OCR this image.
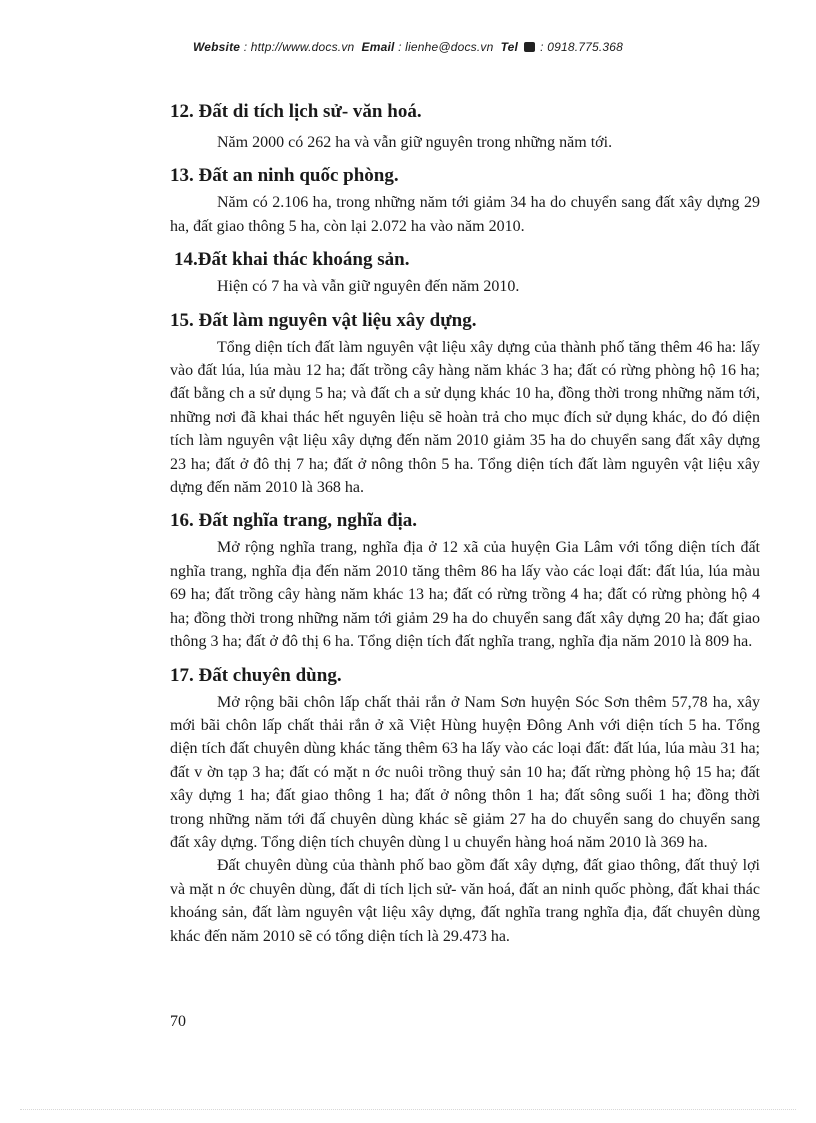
Website : http://www.docs.vn Email : lienhe@docs.vn Tel : 0918.775.368
12. Đất di tích lịch sử- văn hoá.

Năm 2000 có 262 ha và vẫn giữ nguyên trong những năm tới.

13. Đất an ninh quốc phòng.

Năm có 2.106 ha, trong những năm tới giảm 34 ha do chuyển sang đất xây dựng 29 ha, đất giao thông 5 ha, còn lại 2.072 ha vào năm 2010.

14.Đất khai thác khoáng sản.

Hiện có 7 ha và vẫn giữ nguyên đến năm 2010.

15. Đất làm nguyên vật liệu xây dựng.

Tổng diện tích đất làm nguyên vật liệu xây dựng của thành phố tăng thêm 46 ha: lấy vào đất lúa, lúa màu 12 ha; đất trồng cây hàng năm khác 3 ha; đất có rừng phòng hộ 16 ha; đất bằng ch a sử dụng 5 ha; và đất ch a sử dụng khác 10 ha, đồng thời trong những năm tới, những nơi đã khai thác hết nguyên liệu sẽ hoàn trả cho mục đích sử dụng khác, do đó diện tích làm nguyên vật liệu xây dựng đến năm 2010 giảm 35 ha do chuyển sang đất xây dựng 23 ha; đất ở đô thị 7 ha; đất ở nông thôn 5 ha. Tổng diện tích đất làm nguyên vật liệu xây dựng đến năm 2010 là 368 ha.

16. Đất nghĩa trang, nghĩa địa.

Mở rộng nghĩa trang, nghĩa địa ở 12 xã của huyện Gia Lâm với tổng diện tích đất nghĩa trang, nghĩa địa đến năm 2010 tăng thêm 86 ha lấy vào các loại đất: đất lúa, lúa màu 69 ha; đất trồng cây hàng năm khác 13 ha; đất có rừng trồng 4 ha; đất có rừng phòng hộ 4 ha; đồng thời trong những năm tới giảm 29 ha do chuyển sang đất xây dựng 20 ha; đất giao thông 3 ha; đất ở đô thị 6 ha. Tổng diện tích đất nghĩa trang, nghĩa địa năm 2010 là 809 ha.

17. Đất chuyên dùng.

Mở rộng bãi chôn lấp chất thải rắn ở Nam Sơn huyện Sóc Sơn thêm 57,78 ha, xây mới bãi chôn lấp chất thải rắn ở xã Việt Hùng huyện Đông Anh với diện tích 5 ha. Tổng diện tích đất chuyên dùng khác tăng thêm 63 ha lấy vào các loại đất: đất lúa, lúa màu 31 ha; đất v ờn tạp 3 ha; đất có mặt n ớc nuôi trồng thuỷ sản 10 ha; đất rừng phòng hộ 15 ha; đất xây dựng 1 ha; đất giao thông 1 ha; đất ở nông thôn 1 ha; đất sông suối 1 ha; đồng thời trong những năm tới đấ chuyên dùng khác sẽ giảm 27 ha do chuyển sang do chuyển sang đất xây dựng. Tổng diện tích chuyên dùng l u chuyển hàng hoá năm 2010 là 369 ha.

Đất chuyên dùng của thành phố bao gồm đất xây dựng, đất giao thông, đất thuỷ lợi và mặt n ớc chuyên dùng, đất di tích lịch sử- văn hoá, đất an ninh quốc phòng, đất khai thác khoáng sản, đất làm nguyên vật liệu xây dựng, đất nghĩa trang nghĩa địa, đất chuyên dùng khác đến năm 2010 sẽ có tổng diện tích là 29.473 ha.

70
